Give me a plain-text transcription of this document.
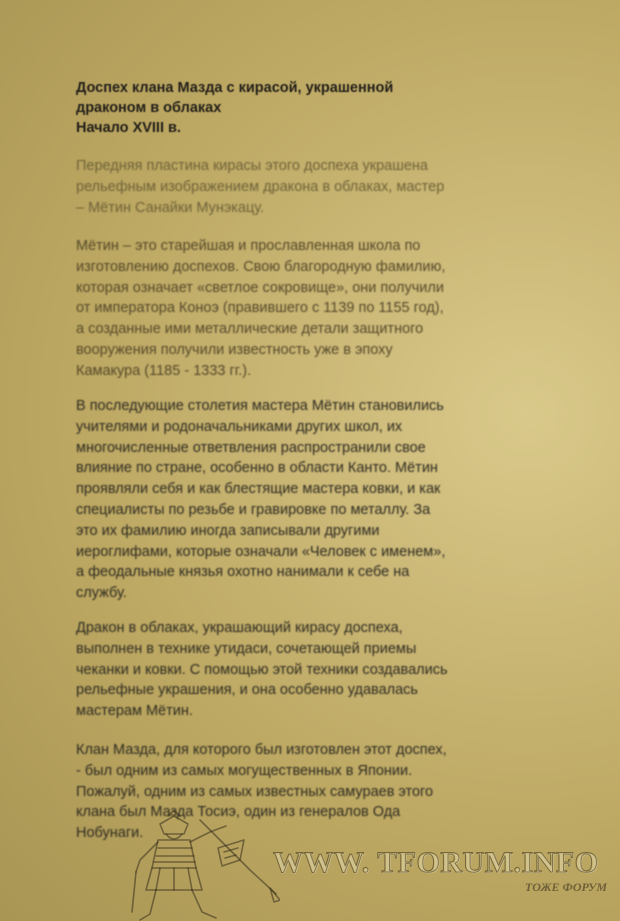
Доспех клана Мазда с кирасой, украшенной
драконом в облаках
Начало XVIII в.

Передняя пластина кирасы этого доспеха украшена
рельефным изображением дракона в облаках, мастер
– Мётин Санайки Мунэкацу.

Мётин – это старейшая и прославленная школа по
изготовлению доспехов. Свою благородную фамилию,
которая означает «светлое сокровище», они получили
от императора Коноэ (правившего с 1139 по 1155 год),
а созданные ими металлические детали защитного
вооружения получили известность уже в эпоху
Камакура (1185 - 1333 гг.).

В последующие столетия мастера Мётин становились
учителями и родоначальниками других школ, их
многочисленные ответвления распространили свое
влияние по стране, особенно в области Канто. Мётин
проявляли себя и как блестящие мастера ковки, и как
специалисты по резьбе и гравировке по металлу. За
это их фамилию иногда записывали другими
иероглифами, которые означали «Человек с именем»,
а феодальные князья охотно нанимали к себе на
службу.

Дракон в облаках, украшающий кирасу доспеха,
выполнен в технике утидаси, сочетающей приемы
чеканки и ковки. С помощью этой техники создавались
рельефные украшения, и она особенно удавалась
мастерам Мётин.

Клан Мазда, для которого был изготовлен этот доспех,
- был одним из самых могущественных в Японии.
Пожалуй, одним из самых известных самураев этого
клана был Мазда Тосиэ, один из генералов Ода
Нобунаги.

WWW. TFORUM.INFO
ТОЖЕ ФОРУМ
